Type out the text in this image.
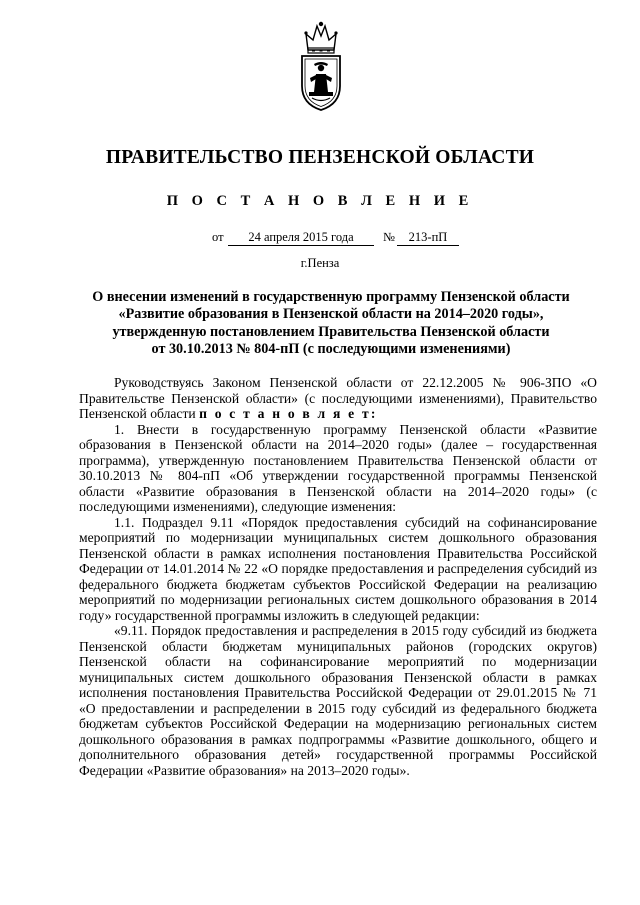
ПРАВИТЕЛЬСТВО ПЕНЗЕНСКОЙ ОБЛАСТИ
П О С Т А Н О В Л Е Н И Е
от	24 апреля 2015 года	№	213-пП
г.Пенза
О внесении изменений в государственную программу Пензенской области
«Развитие образования в Пензенской области на 2014–2020 годы»,
утвержденную постановлением Правительства Пензенской области
от 30.10.2013 № 804-пП (с последующими изменениями)

Руководствуясь Законом Пензенской области от 22.12.2005 № 906-ЗПО «О Правительстве Пензенской области» (с последующими изменениями), Правительство Пензенской области п о с т а н о в л я е т:

1. Внести в государственную программу Пензенской области «Развитие образования в Пензенской области на 2014–2020 годы» (далее – государственная программа), утвержденную постановлением Правительства Пензенской области от 30.10.2013 № 804-пП «Об утверждении государственной программы Пензенской области «Развитие образования в Пензенской области на 2014–2020 годы» (с последующими изменениями), следующие изменения:

1.1. Подраздел 9.11 «Порядок предоставления субсидий на софинансирование мероприятий по модернизации муниципальных систем дошкольного образования Пензенской области в рамках исполнения постановления Правительства Российской Федерации от 14.01.2014 № 22 «О порядке предоставления и распределения субсидий из федерального бюджета бюджетам субъектов Российской Федерации на реализацию мероприятий по модернизации региональных систем дошкольного образования в 2014 году» государственной программы изложить в следующей редакции:

«9.11. Порядок предоставления и распределения в 2015 году субсидий из бюджета Пензенской области бюджетам муниципальных районов (городских округов) Пензенской области на софинансирование мероприятий по модернизации муниципальных систем дошкольного образования Пензенской области в рамках исполнения постановления Правительства Российской Федерации от 29.01.2015 № 71 «О предоставлении и распределении в 2015 году субсидий из федерального бюджета бюджетам субъектов Российской Федерации на модернизацию региональных систем дошкольного образования в рамках подпрограммы «Развитие дошкольного, общего и дополнительного образования детей» государственной программы Российской Федерации «Развитие образования» на 2013–2020 годы».
